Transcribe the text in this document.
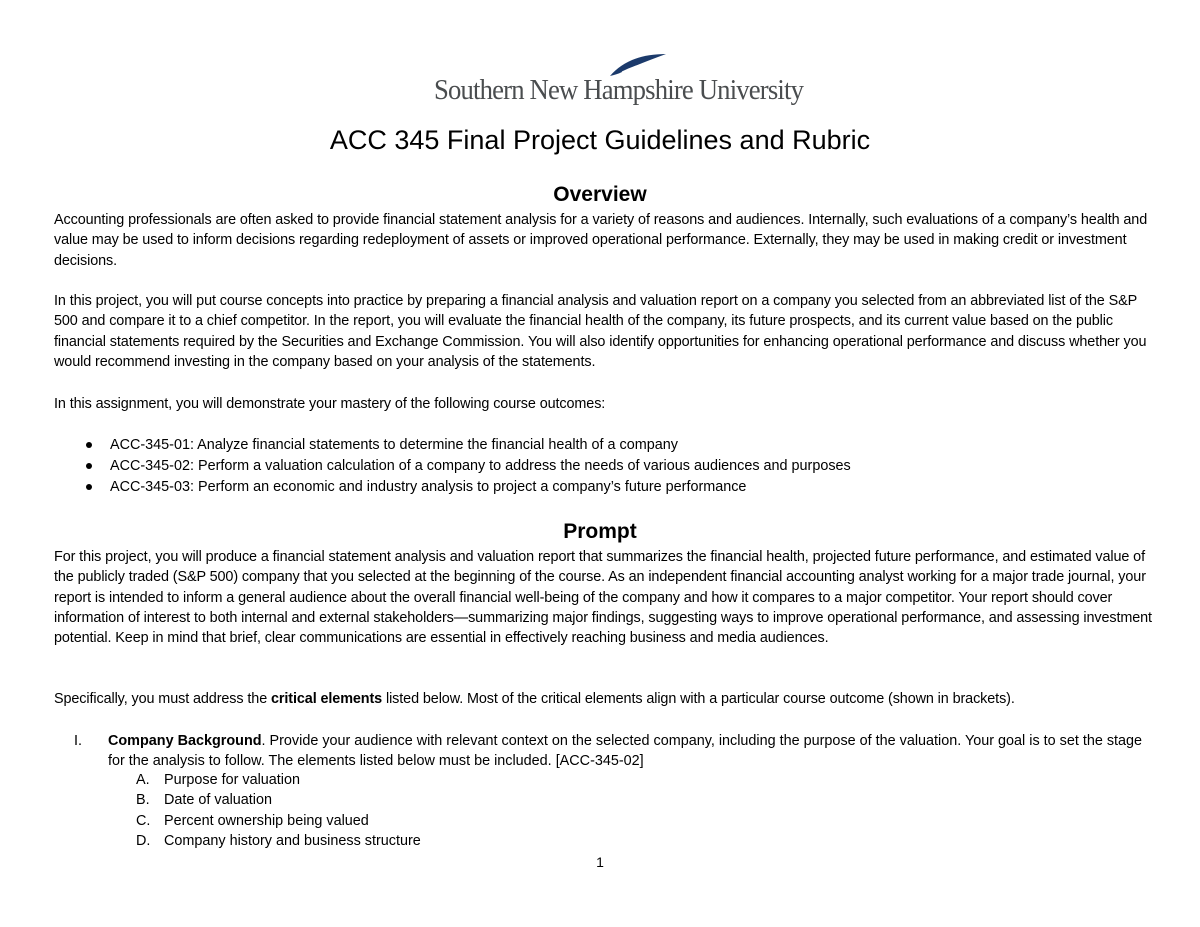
Southern New Hampshire University
ACC 345 Final Project Guidelines and Rubric
Overview
Accounting professionals are often asked to provide financial statement analysis for a variety of reasons and audiences. Internally, such evaluations of a company’s health and value may be used to inform decisions regarding redeployment of assets or improved operational performance. Externally, they may be used in making credit or investment decisions.
In this project, you will put course concepts into practice by preparing a financial analysis and valuation report on a company you selected from an abbreviated list of the S&P 500 and compare it to a chief competitor. In the report, you will evaluate the financial health of the company, its future prospects, and its current value based on the public financial statements required by the Securities and Exchange Commission. You will also identify opportunities for enhancing operational performance and discuss whether you would recommend investing in the company based on your analysis of the statements.
In this assignment, you will demonstrate your mastery of the following course outcomes:
ACC-345-01: Analyze financial statements to determine the financial health of a company
ACC-345-02: Perform a valuation calculation of a company to address the needs of various audiences and purposes
ACC-345-03: Perform an economic and industry analysis to project a company’s future performance
Prompt
For this project, you will produce a financial statement analysis and valuation report that summarizes the financial health, projected future performance, and estimated value of the publicly traded (S&P 500) company that you selected at the beginning of the course. As an independent financial accounting analyst working for a major trade journal, your report is intended to inform a general audience about the overall financial well-being of the company and how it compares to a major competitor. Your report should cover information of interest to both internal and external stakeholders—summarizing major findings, suggesting ways to improve operational performance, and assessing investment potential. Keep in mind that brief, clear communications are essential in effectively reaching business and media audiences.
Specifically, you must address the critical elements listed below. Most of the critical elements align with a particular course outcome (shown in brackets).
I. Company Background. Provide your audience with relevant context on the selected company, including the purpose of the valuation. Your goal is to set the stage for the analysis to follow. The elements listed below must be included. [ACC-345-02]
A. Purpose for valuation
B. Date of valuation
C. Percent ownership being valued
D. Company history and business structure
1
